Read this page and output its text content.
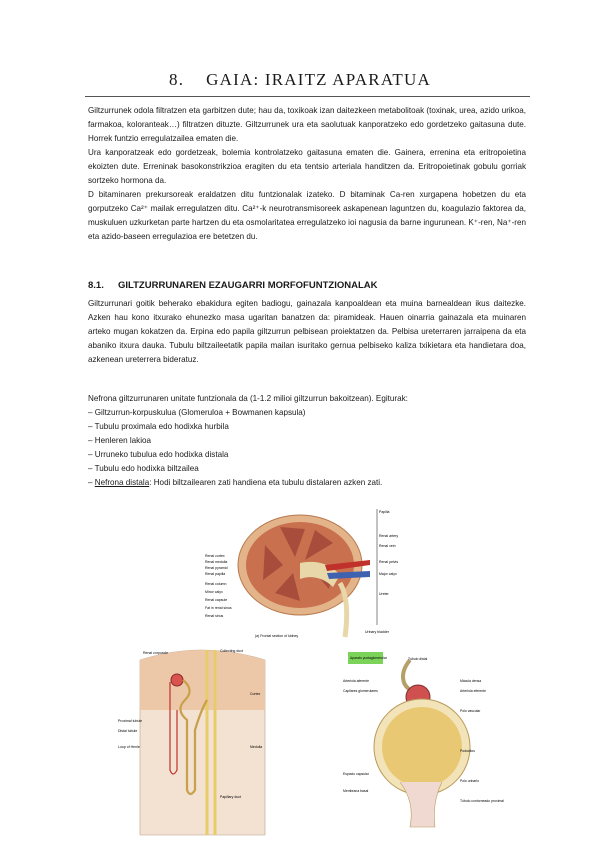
8. GAIA: IRAITZ APARATUA

Giltzurrunek odola filtratzen eta garbitzen dute; hau da, toxikoak izan daitezkeen metabolitoak (toxinak, urea, azido urikoa, farmakoa, koloranteak…) filtratzen dituzte. Giltzurrunek ura eta saolutuak kanporatzeko edo gordetzeko gaitasuna dute. Horrek funtzio erregulatzailea ematen die.

Ura kanporatzeak edo gordetzeak, bolemia kontrolatzeko gaitasuna ematen die. Gainera, errenina eta eritropoietina ekoizten dute. Erreninak basokonstrikzioa eragiten du eta tentsio arteriala handitzen da. Eritropoietinak gobulu gorriak sortzeko hormona da.

D bitaminaren prekursoreak eraldatzen ditu funtzionalak izateko. D bitaminak Ca-ren xurgapena hobetzen du eta gorputzeko Ca²⁺ mailak erregulatzen ditu. Ca²⁺-k neurotransmisoreek askapenean laguntzen du, koagulazio faktorea da, muskuluen uzkurketan parte hartzen du eta osmolaritatea erregulatzeko ioi nagusia da barne ingurunean. K⁺-ren, Na⁺-ren eta azido-baseen erregulazioa ere betetzen du.

8.1. GILTZURRUNAREN EZAUGARRI MORFOFUNTZIONALAK

Giltzurrunari goitik beherako ebakidura egiten badiogu, gainazala kanpoaldean eta muina barnealdean ikus daitezke. Azken hau kono itxurako ehunezko masa ugaritan banatzen da: piramideak. Hauen oinarria gainazala eta muinaren arteko mugan kokatzen da. Erpina edo papila giltzurrun pelbisean proiektatzen da. Pelbisa ureterraren jarraipena da eta abaniko itxura dauka. Tubulu biltzaileetatik papila mailan isuritako gernua pelbiseko kaliza txikietara eta handietara doa, azkenean ureterrera bideratuz.

Nefrona giltzurrunaren unitate funtzionala da (1-1.2 milioi giltzurrun bakoitzean). Egiturak:

– Giltzurrun-korpuskulua (Glomeruloa + Bowmanen kapsula)
– Tubulu proximala edo hodixka hurbila
– Henleren lakioa
– Urruneko tubulua edo hodixka distala
– Tubulu edo hodixka biltzailea
– Nefrona distala: Hodi biltzailearen zati handiena eta tubulu distalaren azken zati.
Papilla
Renal artery
Renal vein
Renal pelvis
Major calyx
Ureter
Urinary bladder
Renal cortex
Renal medulla
Renal pyramid
Renal papilla
Renal column
Minor calyx
Renal capsule
Fat in renal sinus
Renal sinus
(a) Frontal section of kidney
Renal corpuscle	Collecting duct
Cortex
Medulla
Proximal tubule
Distal tubule
Loop of Henle
Papillary duct
Aparato yuxtaglomerular	Túbulo distal
Arteriola aferente
Capilares glomerulares
Mácula densa
Arteriola eferente
Polo vascular
Podocitos
Espacio capsular
Polo urinario
Túbulo contorneado proximal
Membrana basal
